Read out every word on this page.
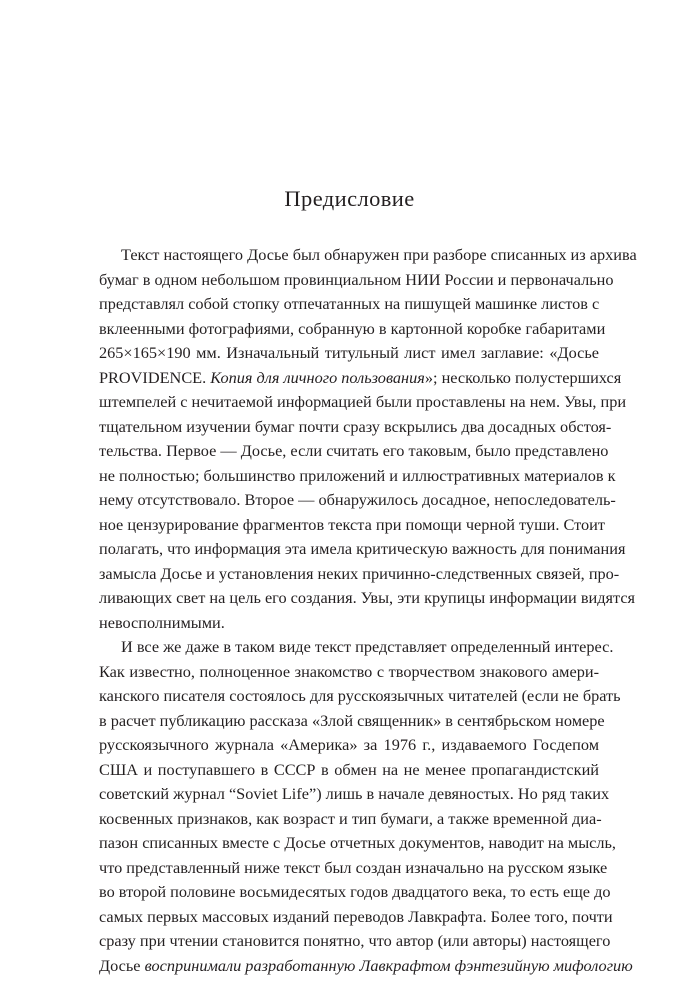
Предисловие

Текст настоящего Досье был обнаружен при разборе списанных из архива
бумаг в одном небольшом провинциальном НИИ России и первоначально
представлял собой стопку отпечатанных на пишущей машинке листов с
вклеенными фотографиями, собранную в картонной коробке габаритами
265×165×190 мм. Изначальный титульный лист имел заглавие: «Досье
PROVIDENCE. Копия для личного пользования»; несколько полустершихся
штемпелей с нечитаемой информацией были проставлены на нем. Увы, при
тщательном изучении бумаг почти сразу вскрылись два досадных обстоя-
тельства. Первое — Досье, если считать его таковым, было представлено
не полностью; большинство приложений и иллюстративных материалов к
нему отсутствовало. Второе — обнаружилось досадное, непоследователь-
ное цензурирование фрагментов текста при помощи черной туши. Стоит
полагать, что информация эта имела критическую важность для понимания
замысла Досье и установления неких причинно-следственных связей, про-
ливающих свет на цель его создания. Увы, эти крупицы информации видятся
невосполнимыми.

И все же даже в таком виде текст представляет определенный интерес.
Как известно, полноценное знакомство с творчеством знакового амери-
канского писателя состоялось для русскоязычных читателей (если не брать
в расчет публикацию рассказа «Злой священник» в сентябрьском номере
русскоязычного журнала «Америка» за 1976 г., издаваемого Госдепом
США и поступавшего в СССР в обмен на не менее пропагандистский
советский журнал “Soviet Life”) лишь в начале девяностых. Но ряд таких
косвенных признаков, как возраст и тип бумаги, а также временной диа-
пазон списанных вместе с Досье отчетных документов, наводит на мысль,
что представленный ниже текст был создан изначально на русском языке
во второй половине восьмидесятых годов двадцатого века, то есть еще до
самых первых массовых изданий переводов Лавкрафта. Более того, почти
сразу при чтении становится понятно, что автор (или авторы) настоящего
Досье воспринимали разработанную Лавкрафтом фэнтезийную мифологию
